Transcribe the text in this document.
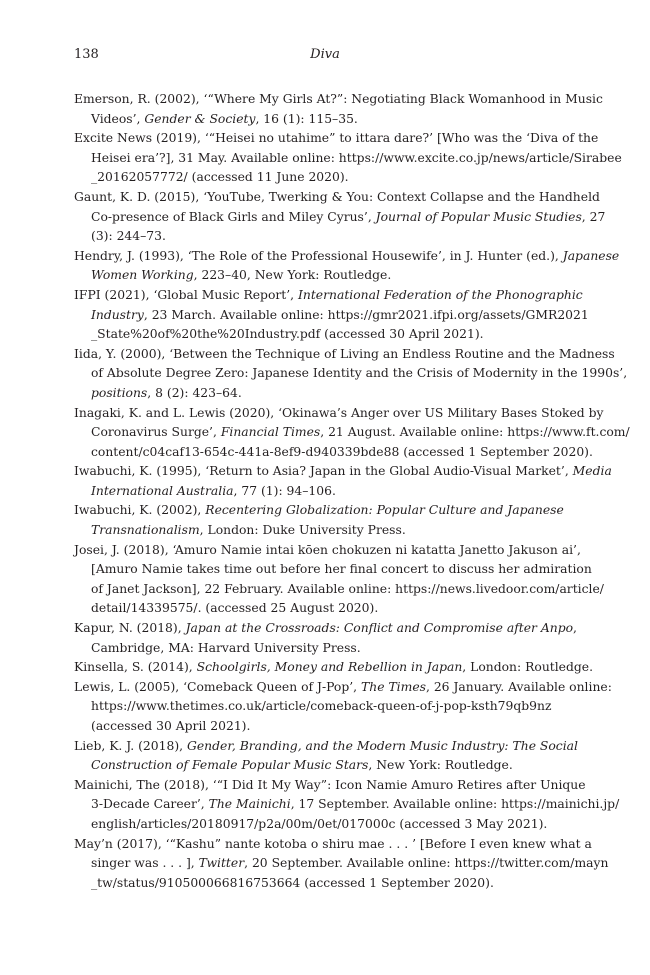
138	Diva
Emerson, R. (2002), ‘“Where My Girls At?”: Negotiating Black Womanhood in Music
Videos’, Gender & Society, 16 (1): 115–35.
Excite News (2019), ‘“Heisei no utahime” to ittara dare?’ [Who was the ‘Diva of the
Heisei era’?], 31 May. Available online: https://www.excite.co.jp/news/article/Sirabee
_20162057772/ (accessed 11 June 2020).
Gaunt, K. D. (2015), ‘YouTube, Twerking & You: Context Collapse and the Handheld
Co-presence of Black Girls and Miley Cyrus’, Journal of Popular Music Studies, 27
(3): 244–73.
Hendry, J. (1993), ‘The Role of the Professional Housewife’, in J. Hunter (ed.), Japanese
Women Working, 223–40, New York: Routledge.
IFPI (2021), ‘Global Music Report’, International Federation of the Phonographic
Industry, 23 March. Available online: https://gmr2021.ifpi.org/assets/GMR2021
_State%20of%20the%20Industry.pdf (accessed 30 April 2021).
Iida, Y. (2000), ‘Between the Technique of Living an Endless Routine and the Madness
of Absolute Degree Zero: Japanese Identity and the Crisis of Modernity in the 1990s’,
positions, 8 (2): 423–64.
Inagaki, K. and L. Lewis (2020), ‘Okinawa’s Anger over US Military Bases Stoked by
Coronavirus Surge’, Financial Times, 21 August. Available online: https://www.ft.com/
content/c04caf13-654c-441a-8ef9-d940339bde88 (accessed 1 September 2020).
Iwabuchi, K. (1995), ‘Return to Asia? Japan in the Global Audio-Visual Market’, Media
International Australia, 77 (1): 94–106.
Iwabuchi, K. (2002), Recentering Globalization: Popular Culture and Japanese
Transnationalism, London: Duke University Press.
Josei, J. (2018), ‘Amuro Namie intai kōen chokuzen ni katatta Janetto Jakuson ai’,
[Amuro Namie takes time out before her final concert to discuss her admiration
of Janet Jackson], 22 February. Available online: https://news.livedoor.com/article/
detail/14339575/. (accessed 25 August 2020).
Kapur, N. (2018), Japan at the Crossroads: Conflict and Compromise after Anpo,
Cambridge, MA: Harvard University Press.
Kinsella, S. (2014), Schoolgirls, Money and Rebellion in Japan, London: Routledge.
Lewis, L. (2005), ‘Comeback Queen of J-Pop’, The Times, 26 January. Available online:
https://www.thetimes.co.uk/article/comeback-queen-of-j-pop-ksth79qb9nz
(accessed 30 April 2021).
Lieb, K. J. (2018), Gender, Branding, and the Modern Music Industry: The Social
Construction of Female Popular Music Stars, New York: Routledge.
Mainichi, The (2018), ‘“I Did It My Way”: Icon Namie Amuro Retires after Unique
3-Decade Career’, The Mainichi, 17 September. Available online: https://mainichi.jp/
english/articles/20180917/p2a/00m/0et/017000c (accessed 3 May 2021).
May’n (2017), ‘“Kashu” nante kotoba o shiru mae . . . ’ [Before I even knew what a
singer was . . . ], Twitter, 20 September. Available online: https://twitter.com/mayn
_tw/status/910500066816753664 (accessed 1 September 2020).
